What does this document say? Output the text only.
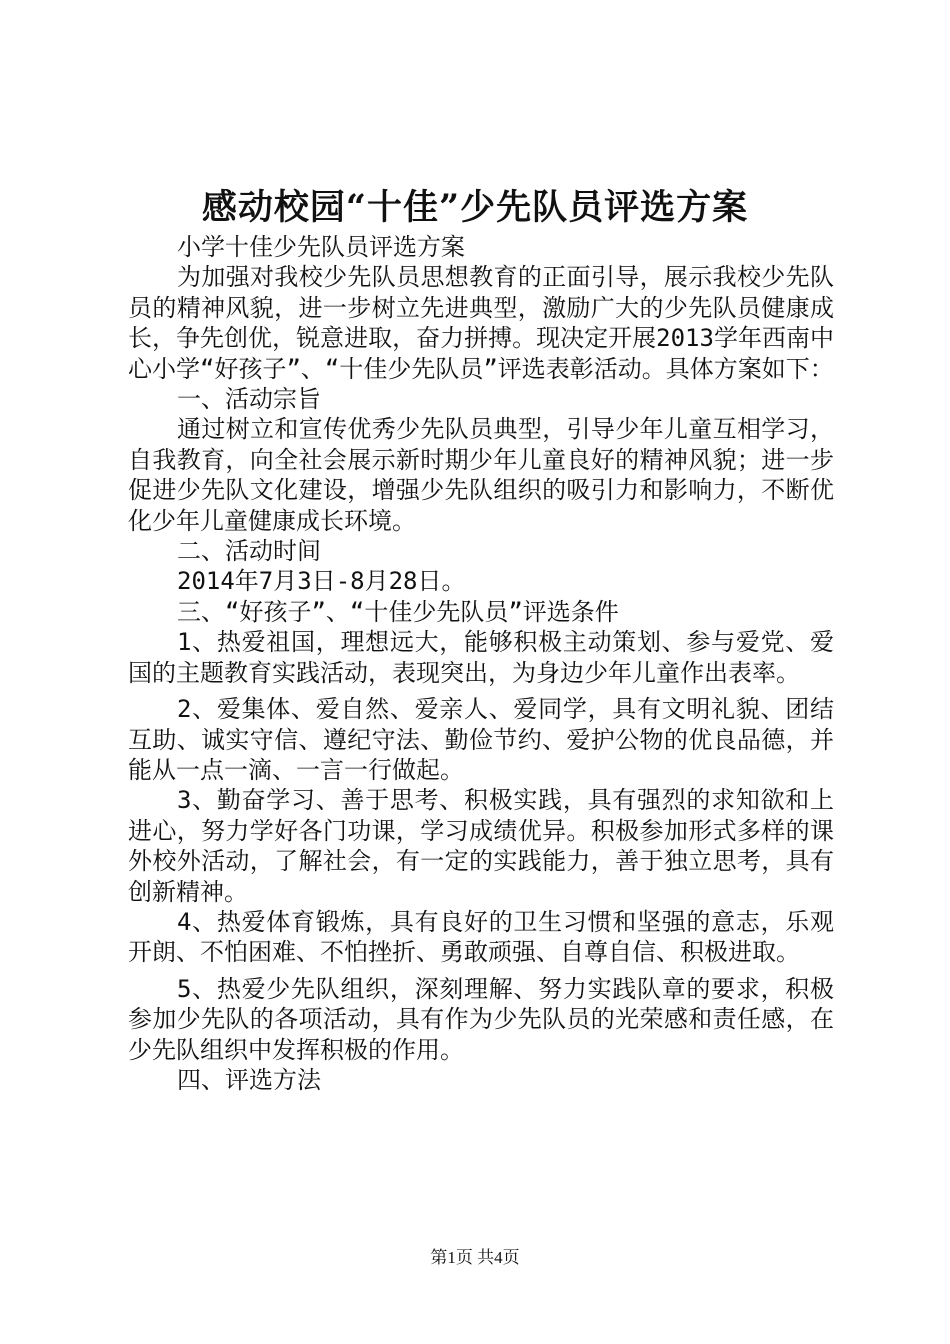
感动校园“十佳”少先队员评选方案

小学十佳少先队员评选方案

为加强对我校少先队员思想教育的正面引导，展示我校少先队员的精神风貌，进一步树立先进典型，激励广大的少先队员健康成长，争先创优，锐意进取，奋力拼搏。现决定开展2013学年西南中心小学“好孩子”、“十佳少先队员”评选表彰活动。具体方案如下：

一、活动宗旨

通过树立和宣传优秀少先队员典型，引导少年儿童互相学习，自我教育，向全社会展示新时期少年儿童良好的精神风貌；进一步促进少先队文化建设，增强少先队组织的吸引力和影响力，不断优化少年儿童健康成长环境。

二、活动时间

2014年7月3日-8月28日。

三、“好孩子”、“十佳少先队员”评选条件

1、热爱祖国，理想远大，能够积极主动策划、参与爱党、爱国的主题教育实践活动，表现突出，为身边少年儿童作出表率。

2、爱集体、爱自然、爱亲人、爱同学，具有文明礼貌、团结互助、诚实守信、遵纪守法、勤俭节约、爱护公物的优良品德，并能从一点一滴、一言一行做起。

3、勤奋学习、善于思考、积极实践，具有强烈的求知欲和上进心，努力学好各门功课，学习成绩优异。积极参加形式多样的课外校外活动，了解社会，有一定的实践能力，善于独立思考，具有创新精神。

4、热爱体育锻炼，具有良好的卫生习惯和坚强的意志，乐观开朗、不怕困难、不怕挫折、勇敢顽强、自尊自信、积极进取。

5、热爱少先队组织，深刻理解、努力实践队章的要求，积极参加少先队的各项活动，具有作为少先队员的光荣感和责任感，在少先队组织中发挥积极的作用。

四、评选方法

第1页 共4页
